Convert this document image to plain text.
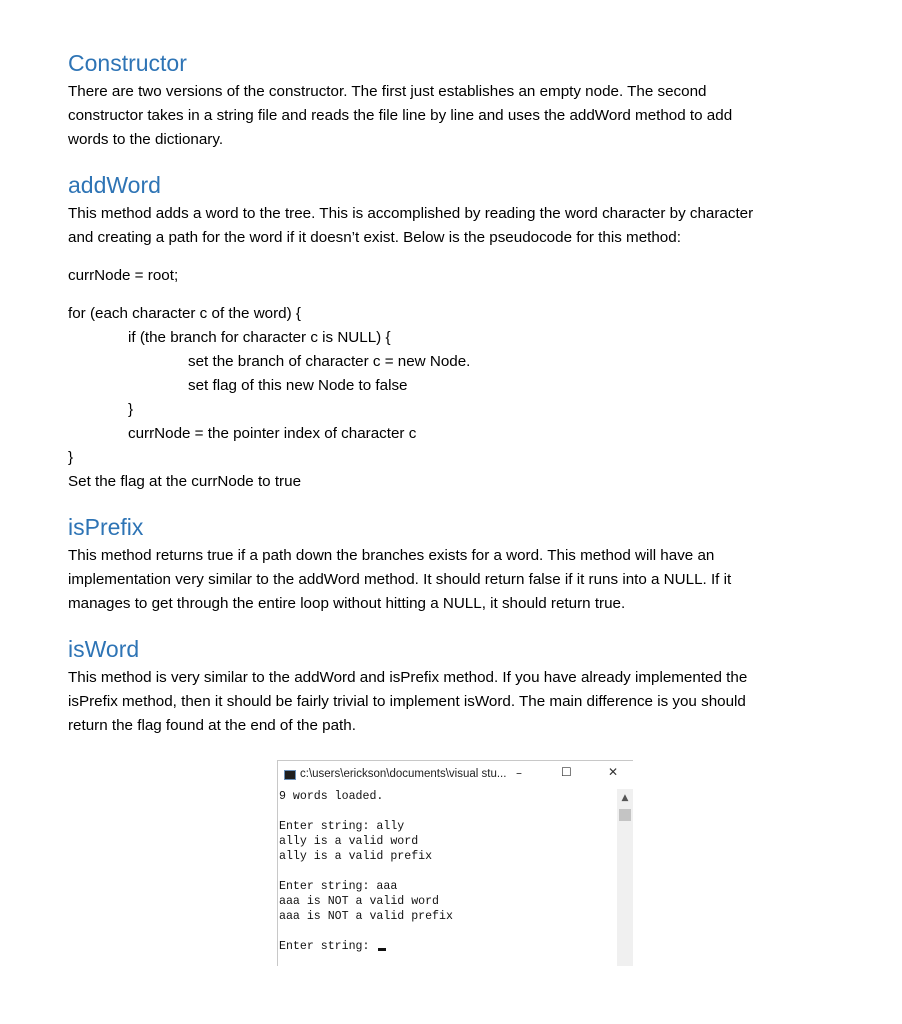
Constructor

There are two versions of the constructor. The first just establishes an empty node. The second

constructor takes in a string file and reads the file line by line and uses the addWord method to add

words to the dictionary.

addWord

This method adds a word to the tree. This is accomplished by reading the word character by character

and creating a path for the word if it doesn’t exist. Below is the pseudocode for this method:

currNode = root;

for (each character c of the word) {

if (the branch for character c is NULL) {

set the branch of character c = new Node.

set flag of this new Node to false

}

currNode = the pointer index of character c

}

Set the flag at the currNode to true

isPrefix

This method returns true if a path down the branches exists for a word. This method will have an

implementation very similar to the addWord method. It should return false if it runs into a NULL. If it

manages to get through the entire loop without hitting a NULL, it should return true.

isWord

This method is very similar to the addWord and isPrefix method. If you have already implemented the

isPrefix method, then it should be fairly trivial to implement isWord. The main difference is you should

return the flag found at the end of the path.

c:\users\erickson\documents\visual stu... –	☐	✕
9 words loaded.
Enter string: ally
ally is a valid word
ally is a valid prefix
Enter string: aaa
aaa is NOT a valid word
aaa is NOT a valid prefix
Enter string:
▲
